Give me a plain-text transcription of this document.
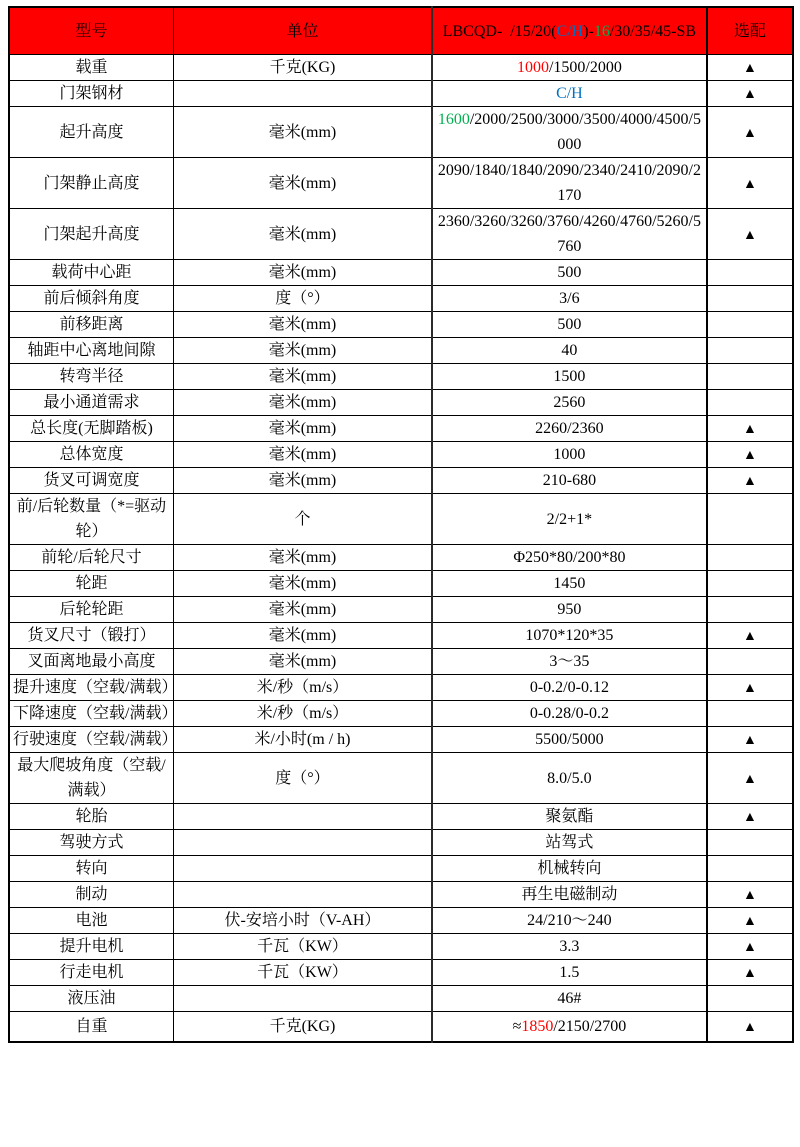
型号	单位	LBCQD-  /15/20(C/H)-16/30/35/45-SB	选配
载重	千克(KG)	1000/1500/2000	▲
门架钢材		C/H	▲
起升高度	毫米(mm)	1600/2000/2500/3000/3500/4000/4500/5000	▲
门架静止高度	毫米(mm)	2090/1840/1840/2090/2340/2410/2090/2170	▲
门架起升高度	毫米(mm)	2360/3260/3260/3760/4260/4760/5260/5760	▲
载荷中心距	毫米(mm)	500	
前后倾斜角度	度（°）	3/6	
前移距离	毫米(mm)	500	
轴距中心离地间隙	毫米(mm)	40	
转弯半径	毫米(mm)	1500	
最小通道需求	毫米(mm)	2560	
总长度(无脚踏板)	毫米(mm)	2260/2360	▲
总体宽度	毫米(mm)	1000	▲
货叉可调宽度	毫米(mm)	210-680	▲
前/后轮数量（*=驱动轮）	个	2/2+1*	
前轮/后轮尺寸	毫米(mm)	Φ250*80/200*80	
轮距	毫米(mm)	1450	
后轮轮距	毫米(mm)	950	
货叉尺寸（锻打）	毫米(mm)	1070*120*35	▲
叉面离地最小高度	毫米(mm)	3～35	
提升速度（空载/满载）	米/秒（m/s）	0-0.2/0-0.12	▲
下降速度（空载/满载）	米/秒（m/s）	0-0.28/0-0.2	
行驶速度（空载/满载）	米/小时(m / h)	5500/5000	▲
最大爬坡角度（空载/满载）	度（°）	8.0/5.0	▲
轮胎		聚氨酯	▲
驾驶方式		站驾式	
转向		机械转向	
制动		再生电磁制动	▲
电池	伏-安培小时（V-AH）	24/210～240	▲
提升电机	千瓦（KW）	3.3	▲
行走电机	千瓦（KW）	1.5	▲
液压油		46#	
自重	千克(KG)	≈1850/2150/2700	▲
